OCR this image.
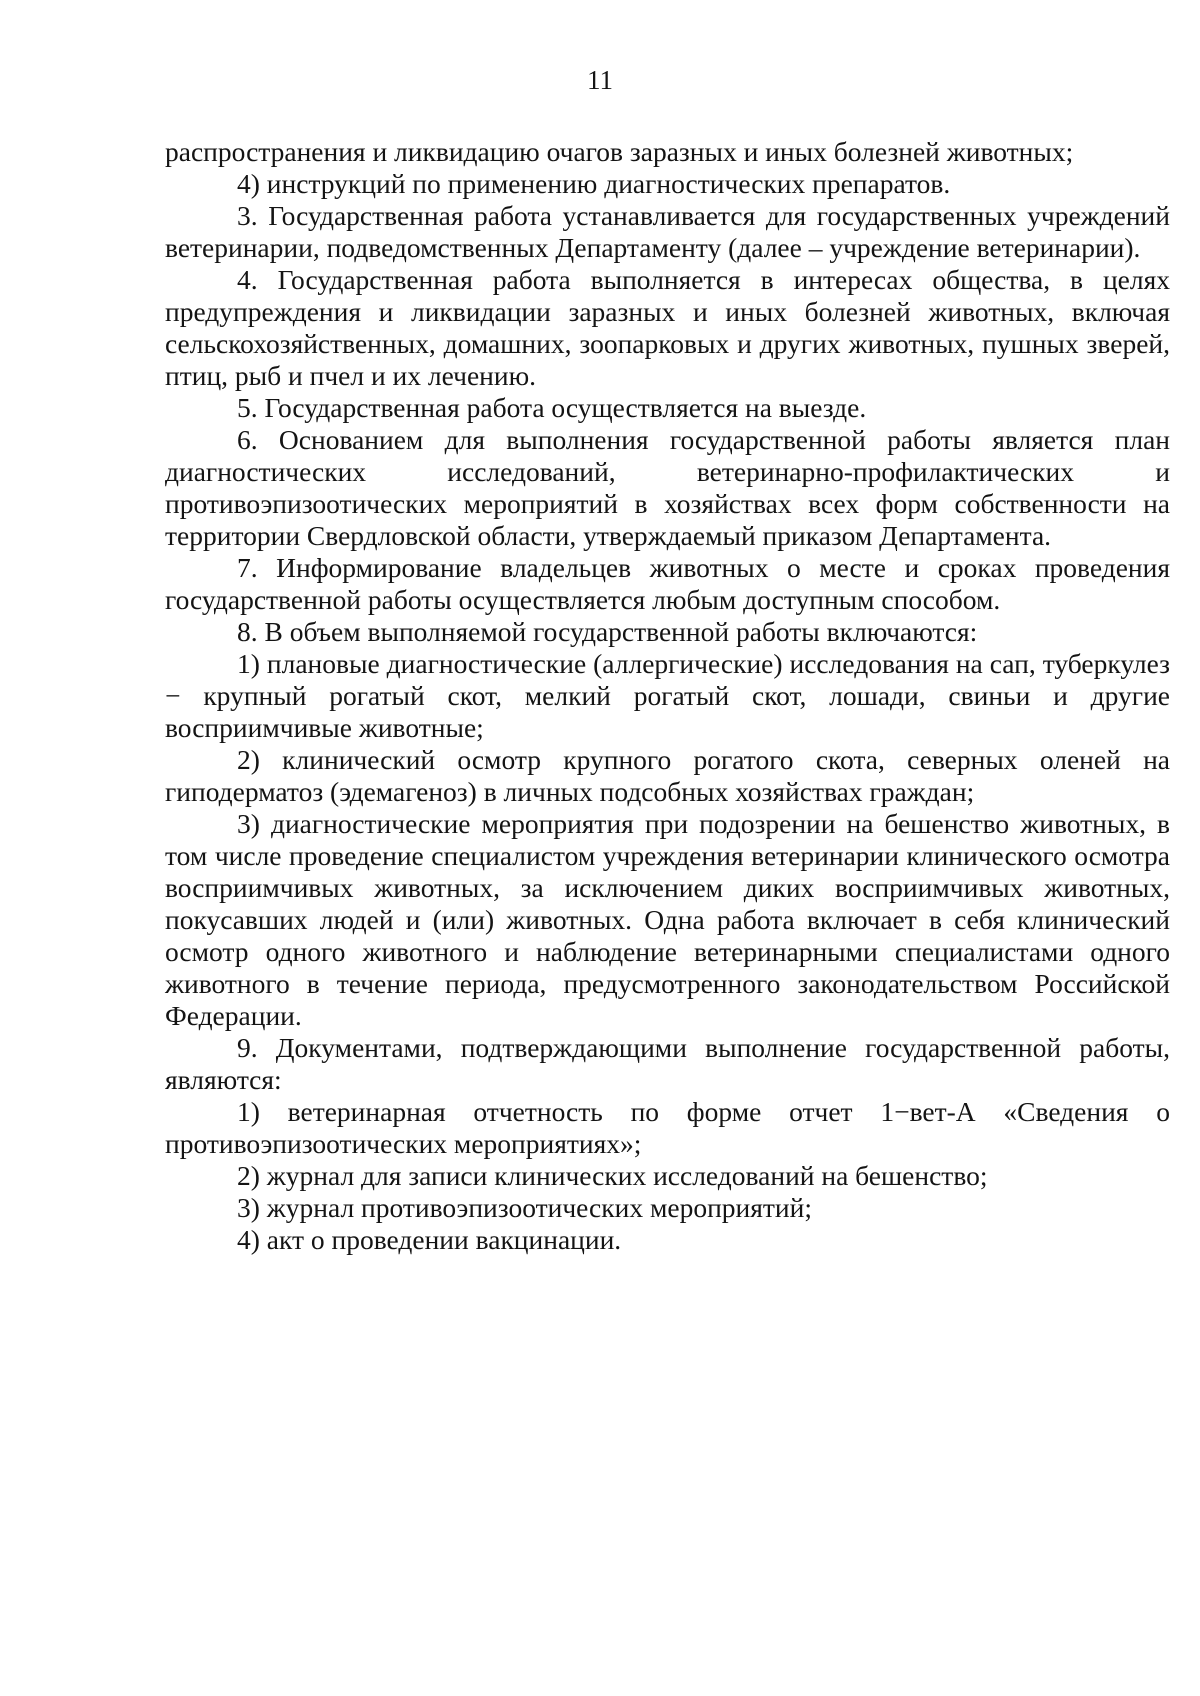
11

распространения и ликвидацию очагов заразных и иных болезней животных;

4) инструкций по применению диагностических препаратов.

3. Государственная работа устанавливается для государственных учреждений ветеринарии, подведомственных Департаменту (далее – учреждение ветеринарии).

4. Государственная работа выполняется в интересах общества, в целях предупреждения и ликвидации заразных и иных болезней животных, включая сельскохозяйственных, домашних, зоопарковых и других животных, пушных зверей, птиц, рыб и пчел и их лечению.

5. Государственная работа осуществляется на выезде.

6. Основанием для выполнения государственной работы является план диагностических исследований, ветеринарно-профилактических и противоэпизоотических мероприятий в хозяйствах всех форм собственности на территории Свердловской области, утверждаемый приказом Департамента.

7. Информирование владельцев животных о месте и сроках проведения государственной работы осуществляется любым доступным способом.

8. В объем выполняемой государственной работы включаются:

1) плановые диагностические (аллергические) исследования на сап, туберкулез − крупный рогатый скот, мелкий рогатый скот, лошади, свиньи и другие восприимчивые животные;

2) клинический осмотр крупного рогатого скота, северных оленей на гиподерматоз (эдемагеноз) в личных подсобных хозяйствах граждан;

3) диагностические мероприятия при подозрении на бешенство животных, в том числе проведение специалистом учреждения ветеринарии клинического осмотра восприимчивых животных, за исключением диких восприимчивых животных, покусавших людей и (или) животных. Одна работа включает в себя клинический осмотр одного животного и наблюдение ветеринарными специалистами одного животного в течение периода, предусмотренного законодательством Российской Федерации.

9. Документами, подтверждающими выполнение государственной работы, являются:

1) ветеринарная отчетность по форме отчет 1−вет-А «Сведения о противоэпизоотических мероприятиях»;

2) журнал для записи клинических исследований на бешенство;

3) журнал противоэпизоотических мероприятий;

4) акт о проведении вакцинации.
